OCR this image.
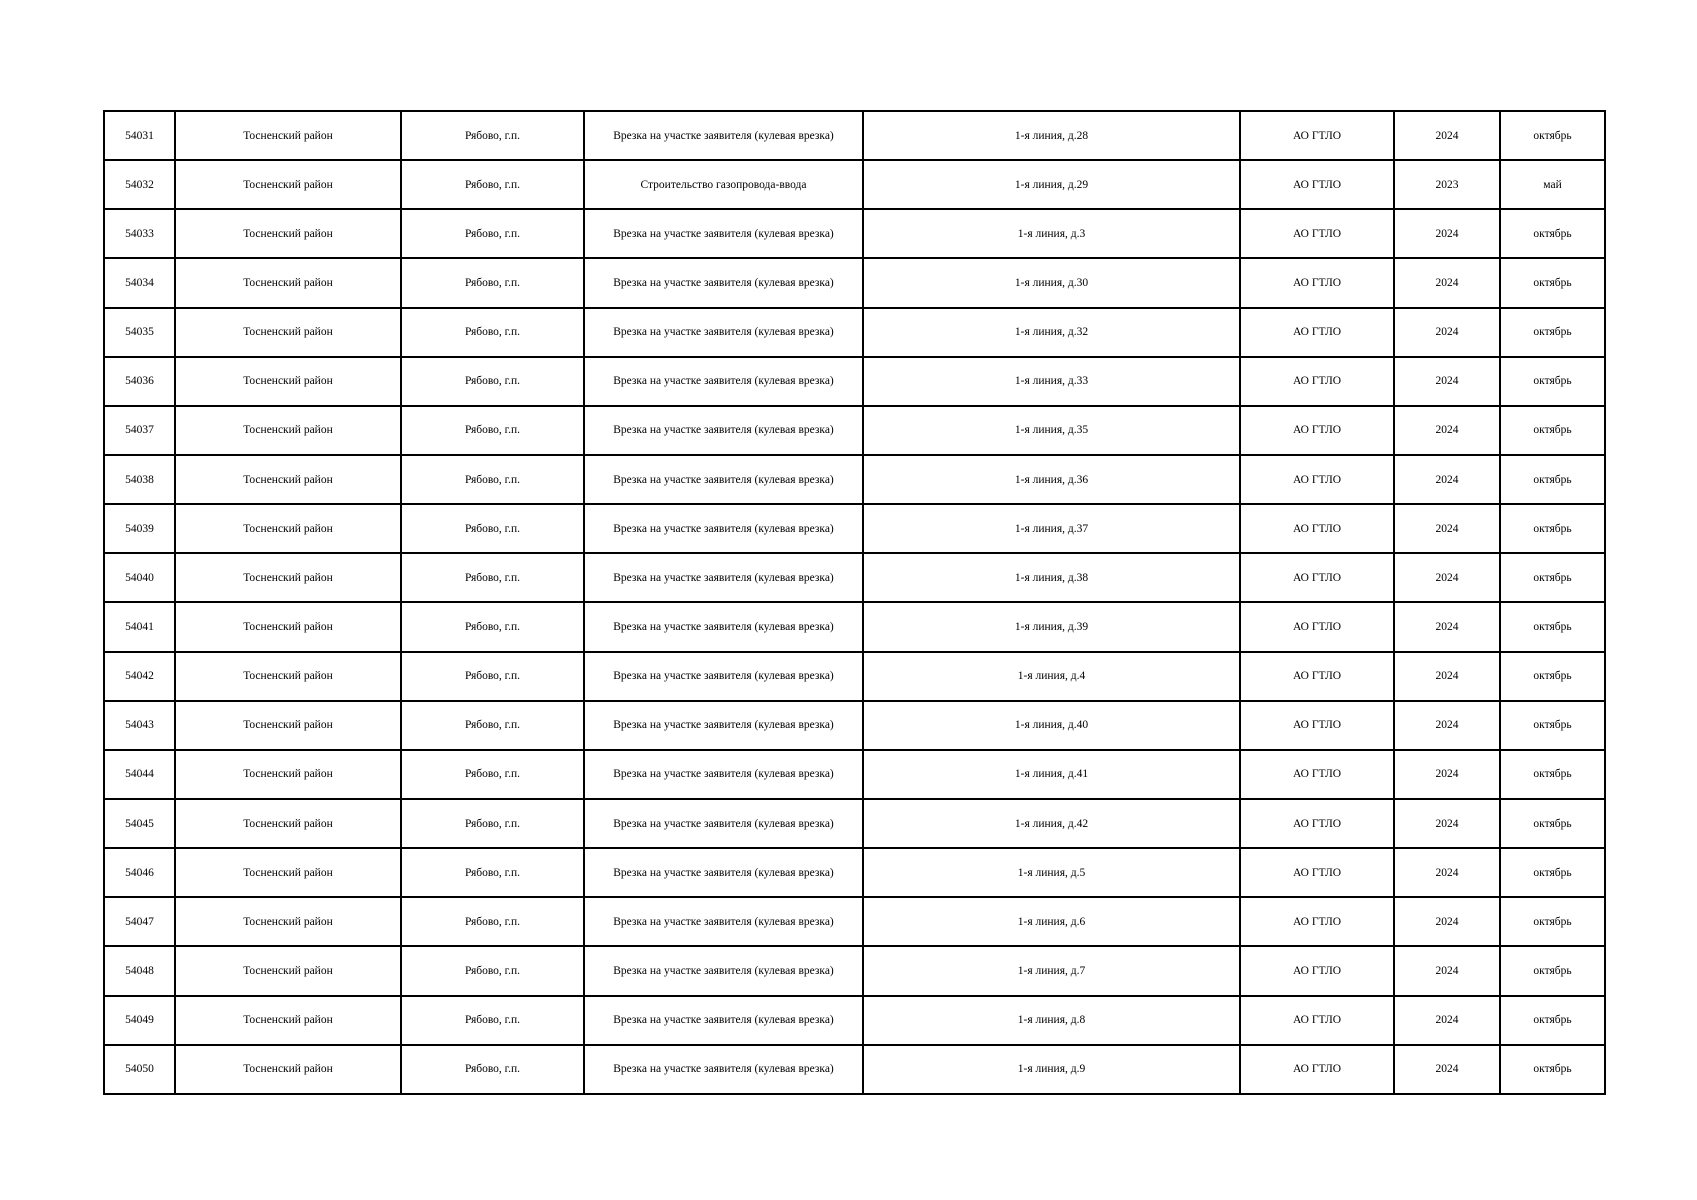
54031	Тосненский район	Рябово, г.п.	Врезка на участке заявителя (кулевая врезка)	1-я линия, д.28	АО ГТЛО	2024	октябрь
54032	Тосненский район	Рябово, г.п.	Строительство газопровода-ввода	1-я линия, д.29	АО ГТЛО	2023	май
54033	Тосненский район	Рябово, г.п.	Врезка на участке заявителя (кулевая врезка)	1-я линия, д.3	АО ГТЛО	2024	октябрь
54034	Тосненский район	Рябово, г.п.	Врезка на участке заявителя (кулевая врезка)	1-я линия, д.30	АО ГТЛО	2024	октябрь
54035	Тосненский район	Рябово, г.п.	Врезка на участке заявителя (кулевая врезка)	1-я линия, д.32	АО ГТЛО	2024	октябрь
54036	Тосненский район	Рябово, г.п.	Врезка на участке заявителя (кулевая врезка)	1-я линия, д.33	АО ГТЛО	2024	октябрь
54037	Тосненский район	Рябово, г.п.	Врезка на участке заявителя (кулевая врезка)	1-я линия, д.35	АО ГТЛО	2024	октябрь
54038	Тосненский район	Рябово, г.п.	Врезка на участке заявителя (кулевая врезка)	1-я линия, д.36	АО ГТЛО	2024	октябрь
54039	Тосненский район	Рябово, г.п.	Врезка на участке заявителя (кулевая врезка)	1-я линия, д.37	АО ГТЛО	2024	октябрь
54040	Тосненский район	Рябово, г.п.	Врезка на участке заявителя (кулевая врезка)	1-я линия, д.38	АО ГТЛО	2024	октябрь
54041	Тосненский район	Рябово, г.п.	Врезка на участке заявителя (кулевая врезка)	1-я линия, д.39	АО ГТЛО	2024	октябрь
54042	Тосненский район	Рябово, г.п.	Врезка на участке заявителя (кулевая врезка)	1-я линия, д.4	АО ГТЛО	2024	октябрь
54043	Тосненский район	Рябово, г.п.	Врезка на участке заявителя (кулевая врезка)	1-я линия, д.40	АО ГТЛО	2024	октябрь
54044	Тосненский район	Рябово, г.п.	Врезка на участке заявителя (кулевая врезка)	1-я линия, д.41	АО ГТЛО	2024	октябрь
54045	Тосненский район	Рябово, г.п.	Врезка на участке заявителя (кулевая врезка)	1-я линия, д.42	АО ГТЛО	2024	октябрь
54046	Тосненский район	Рябово, г.п.	Врезка на участке заявителя (кулевая врезка)	1-я линия, д.5	АО ГТЛО	2024	октябрь
54047	Тосненский район	Рябово, г.п.	Врезка на участке заявителя (кулевая врезка)	1-я линия, д.6	АО ГТЛО	2024	октябрь
54048	Тосненский район	Рябово, г.п.	Врезка на участке заявителя (кулевая врезка)	1-я линия, д.7	АО ГТЛО	2024	октябрь
54049	Тосненский район	Рябово, г.п.	Врезка на участке заявителя (кулевая врезка)	1-я линия, д.8	АО ГТЛО	2024	октябрь
54050	Тосненский район	Рябово, г.п.	Врезка на участке заявителя (кулевая врезка)	1-я линия, д.9	АО ГТЛО	2024	октябрь
